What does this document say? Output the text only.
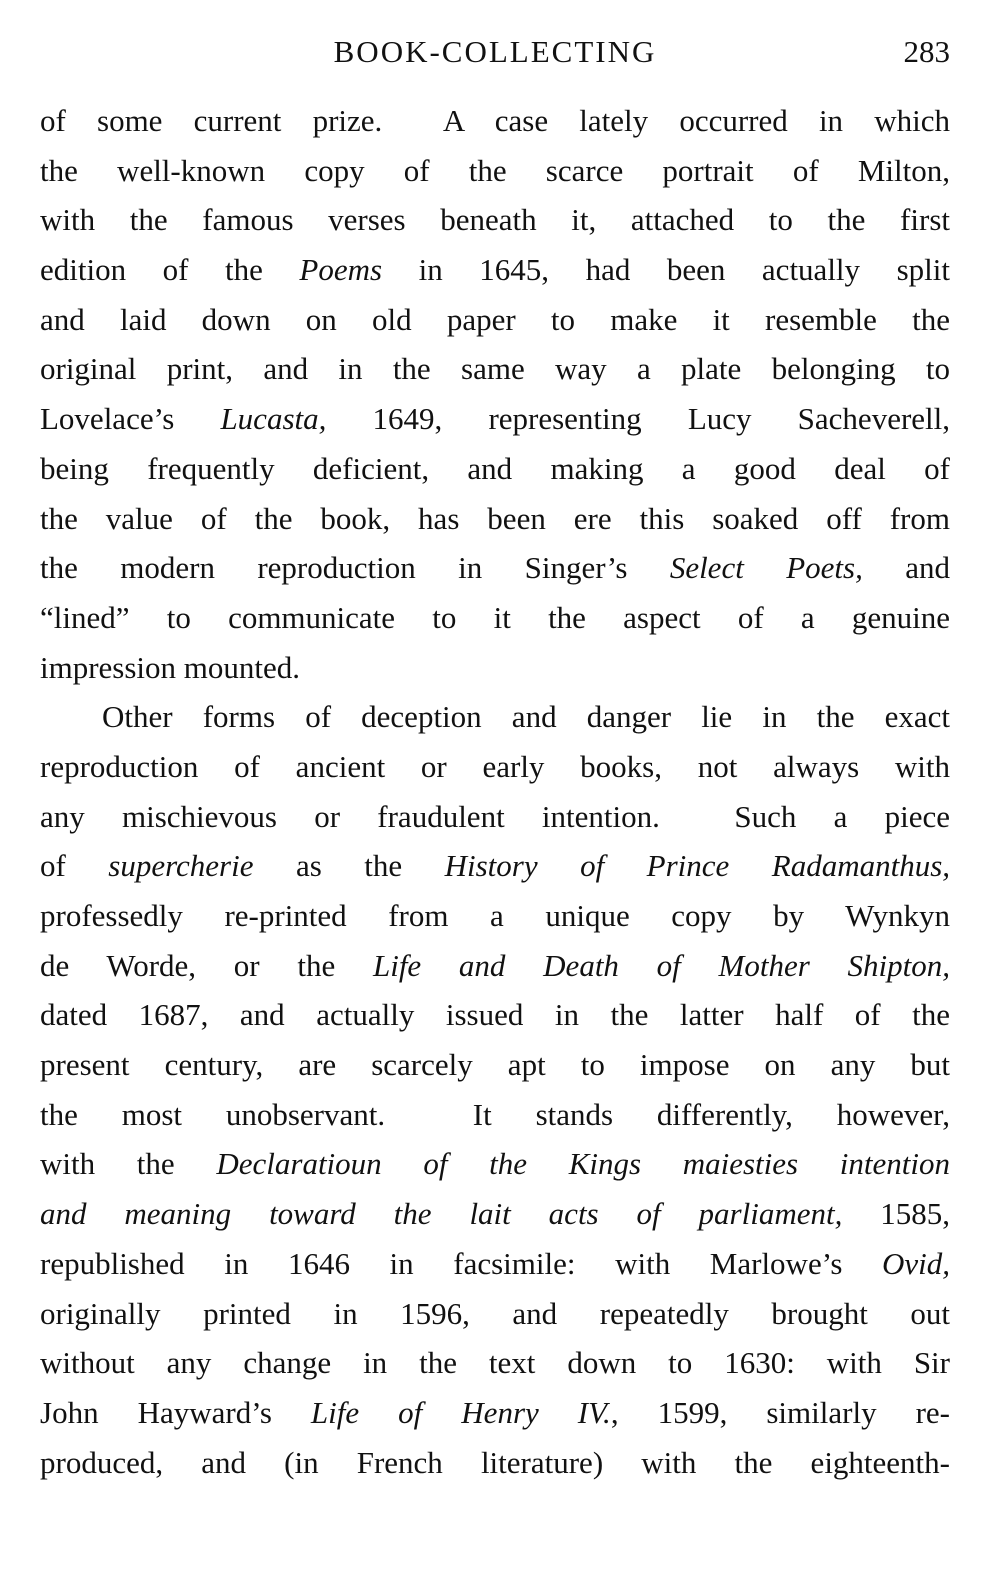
BOOK-COLLECTING	283
of some current prize.  A case lately occurred in which
the well-known copy of the scarce portrait of Milton,
with the famous verses beneath it, attached to the first
edition of the Poems in 1645, had been actually split
and laid down on old paper to make it resemble the
original print, and in the same way a plate belonging to
Lovelace’s Lucasta, 1649, representing Lucy Sacheverell,
being frequently deficient, and making a good deal of
the value of the book, has been ere this soaked off from
the modern reproduction in Singer’s Select Poets, and
“lined” to communicate to it the aspect of a genuine
impression mounted.
Other forms of deception and danger lie in the exact
reproduction of ancient or early books, not always with
any mischievous or fraudulent intention.  Such a piece
of supercherie as the History of Prince Radamanthus,
professedly re-printed from a unique copy by Wynkyn
de Worde, or the Life and Death of Mother Shipton,
dated 1687, and actually issued in the latter half of the
present century, are scarcely apt to impose on any but
the most unobservant.  It stands differently, however,
with the Declaratioun of the Kings maiesties intention
and meaning toward the lait acts of parliament, 1585,
republished in 1646 in facsimile: with Marlowe’s Ovid,
originally printed in 1596, and repeatedly brought out
without any change in the text down to 1630: with Sir
John Hayward’s Life of Henry IV., 1599, similarly re-
produced, and (in French literature) with the eighteenth-
